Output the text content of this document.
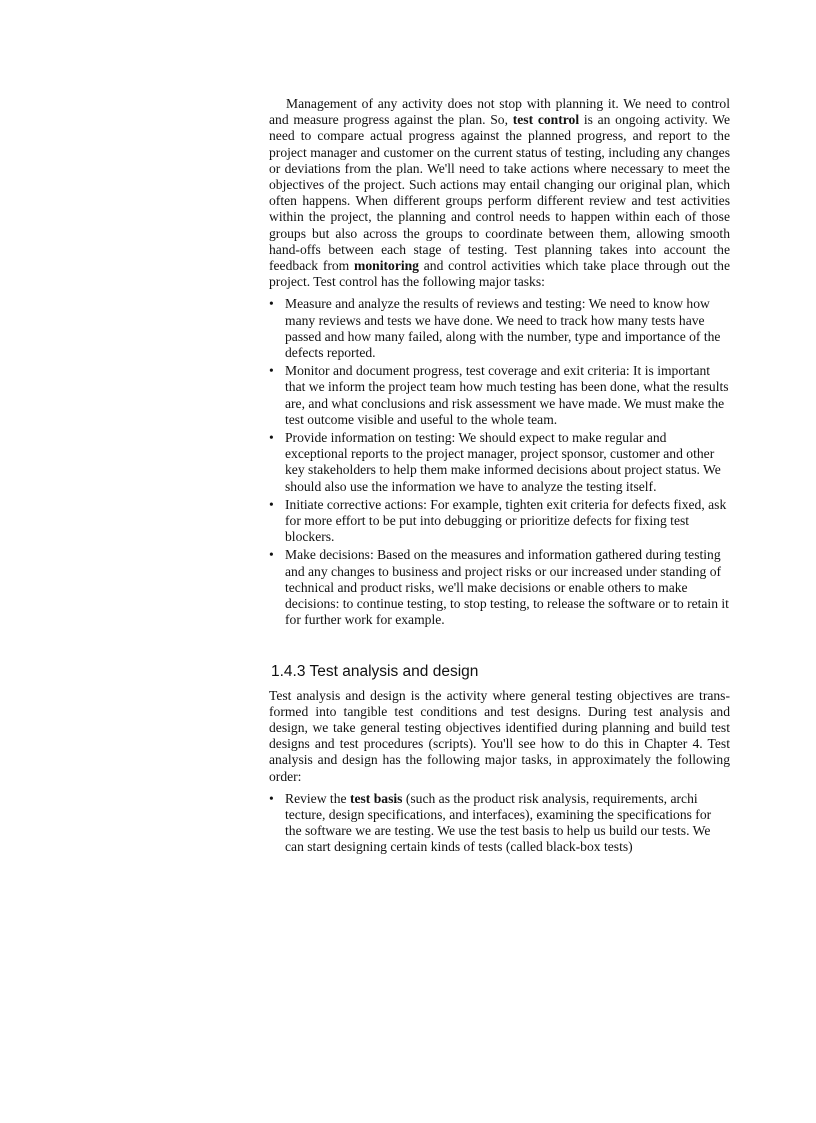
Management of any activity does not stop with planning it. We need to control and measure progress against the plan. So, test control is an ongoing activity. We need to compare actual progress against the planned progress, and report to the project manager and customer on the current status of testing, including any changes or deviations from the plan. We'll need to take actions where necessary to meet the objectives of the project. Such actions may entail changing our original plan, which often happens. When different groups perform different review and test activities within the project, the planning and control needs to happen within each of those groups but also across the groups to coordinate between them, allowing smooth hand-offs between each stage of testing. Test planning takes into account the feedback from monitoring and control activities which take place through out the project. Test control has the following major tasks:

• Measure and analyze the results of reviews and testing: We need to know how many reviews and tests we have done. We need to track how many tests have passed and how many failed, along with the number, type and importance of the defects reported.
• Monitor and document progress, test coverage and exit criteria: It is important that we inform the project team how much testing has been done, what the results are, and what conclusions and risk assessment we have made. We must make the test outcome visible and useful to the whole team.
• Provide information on testing: We should expect to make regular and exceptional reports to the project manager, project sponsor, customer and other key stakeholders to help them make informed decisions about project status. We should also use the information we have to analyze the testing itself.
• Initiate corrective actions: For example, tighten exit criteria for defects fixed, ask for more effort to be put into debugging or prioritize defects for fixing test blockers.
• Make decisions: Based on the measures and information gathered during testing and any changes to business and project risks or our increased under standing of technical and product risks, we'll make decisions or enable others to make decisions: to continue testing, to stop testing, to release the software or to retain it for further work for example.
1.4.3 Test analysis and design

Test analysis and design is the activity where general testing objectives are trans-formed into tangible test conditions and test designs. During test analysis and design, we take general testing objectives identified during planning and build test designs and test procedures (scripts). You'll see how to do this in Chapter 4. Test analysis and design has the following major tasks, in approximately the following order:

• Review the test basis (such as the product risk analysis, requirements, archi tecture, design specifications, and interfaces), examining the specifications for the software we are testing. We use the test basis to help us build our tests. We can start designing certain kinds of tests (called black-box tests)
